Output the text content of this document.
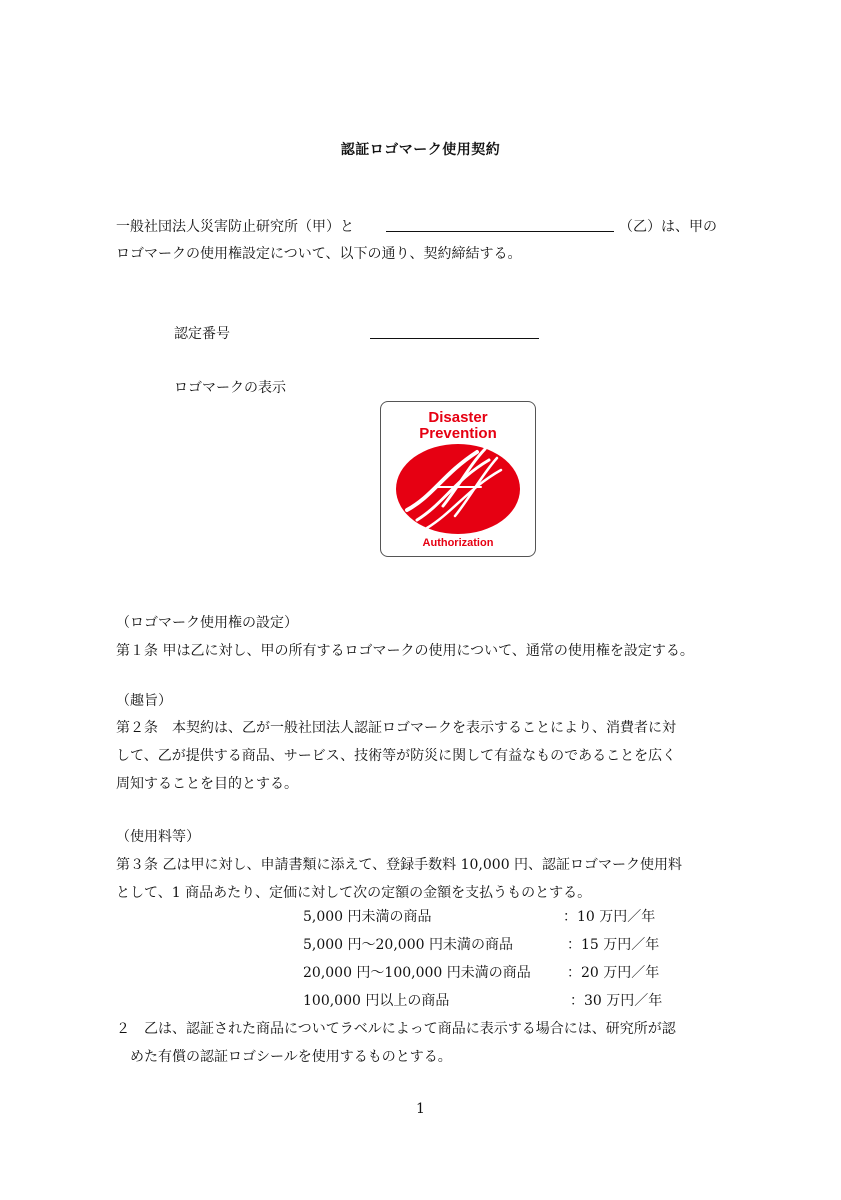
認証ロゴマーク使用契約
一般社団法人災害防止研究所（甲）と	（乙）は、甲の
ロゴマークの使用権設定について、以下の通り、契約締結する。
認定番号
ロゴマークの表示
Disaster
Prevention
Authorization
（ロゴマーク使用権の設定）
第１条 甲は乙に対し、甲の所有するロゴマークの使用について、通常の使用権を設定する。
（趣旨）
第２条　本契約は、乙が一般社団法人認証ロゴマークを表示することにより、消費者に対
して、乙が提供する商品、サービス、技術等が防災に関して有益なものであることを広く
周知することを目的とする。
（使用料等）
第３条 乙は甲に対し、申請書類に添えて、登録手数料 10,000 円、認証ロゴマーク使用料
として、1 商品あたり、定価に対して次の定額の金額を支払うものとする。
5,000 円未満の商品	：10 万円／年
5,000 円～20,000 円未満の商品	：15 万円／年
20,000 円～100,000 円未満の商品	：20 万円／年
100,000 円以上の商品	：30 万円／年
２　乙は、認証された商品についてラベルによって商品に表示する場合には、研究所が認
めた有償の認証ロゴシールを使用するものとする。
1
